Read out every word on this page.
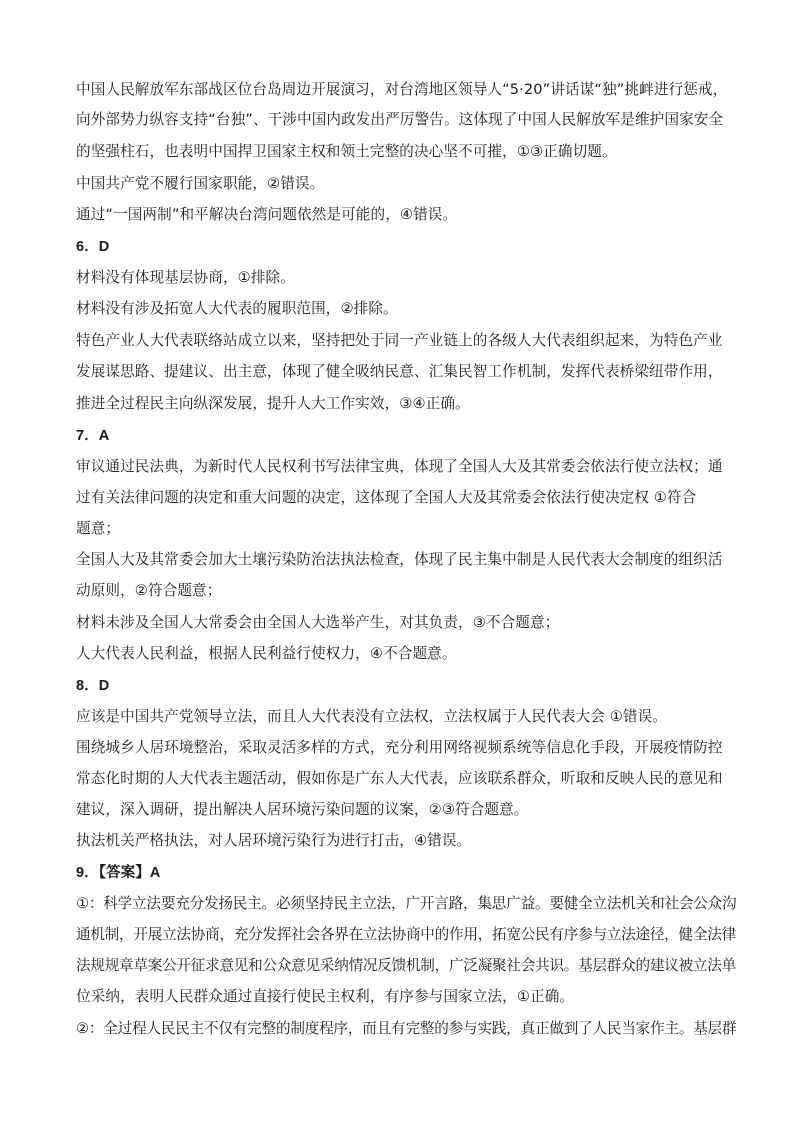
中国人民解放军东部战区位台岛周边开展演习，对台湾地区领导人“5·20”讲话谋“独”挑衅进行惩戒，
向外部势力纵容支持“台独”、干涉中国内政发出严厉警告。这体现了中国人民解放军是维护国家安全
的坚强柱石，也表明中国捍卫国家主权和领土完整的决心坚不可摧，①③正确切题。
中国共产党不履行国家职能，②错误。
通过“一国两制”和平解决台湾问题依然是可能的，④错误。
6．D
材料没有体现基层协商，①排除。
材料没有涉及拓宽人大代表的履职范围，②排除。
特色产业人大代表联络站成立以来，坚持把处于同一产业链上的各级人大代表组织起来，为特色产业
发展谋思路、提建议、出主意，体现了健全吸纳民意、汇集民智工作机制，发挥代表桥梁纽带作用，
推进全过程民主向纵深发展，提升人大工作实效，③④正确。
7．A
审议通过民法典，为新时代人民权利书写法律宝典，体现了全国人大及其常委会依法行使立法权；通
过有关法律问题的决定和重大问题的决定，这体现了全国人大及其常委会依法行使决定权 ①符合
题意；
全国人大及其常委会加大土壤污染防治法执法检查，体现了民主集中制是人民代表大会制度的组织活
动原则，②符合题意；
材料未涉及全国人大常委会由全国人大选举产生，对其负责，③不合题意；
人大代表人民利益，根据人民利益行使权力，④不合题意。
8．D
应该是中国共产党领导立法，而且人大代表没有立法权，立法权属于人民代表大会 ①错误。
围绕城乡人居环境整治，采取灵活多样的方式，充分利用网络视频系统等信息化手段，开展疫情防控
常态化时期的人大代表主题活动，假如你是广东人大代表，应该联系群众，听取和反映人民的意见和
建议，深入调研，提出解决人居环境污染问题的议案，②③符合题意。
执法机关严格执法，对人居环境污染行为进行打击，④错误。
9．【答案】A
①：科学立法要充分发扬民主。必须坚持民主立法，广开言路，集思广益。要健全立法机关和社会公众沟
通机制，开展立法协商，充分发挥社会各界在立法协商中的作用，拓宽公民有序参与立法途径，健全法律
法规规章草案公开征求意见和公众意见采纳情况反馈机制，广泛凝聚社会共识。基层群众的建议被立法单
位采纳，表明人民群众通过直接行使民主权利，有序参与国家立法，①正确。
②：全过程人民民主不仅有完整的制度程序，而且有完整的参与实践，真正做到了人民当家作主。基层群
